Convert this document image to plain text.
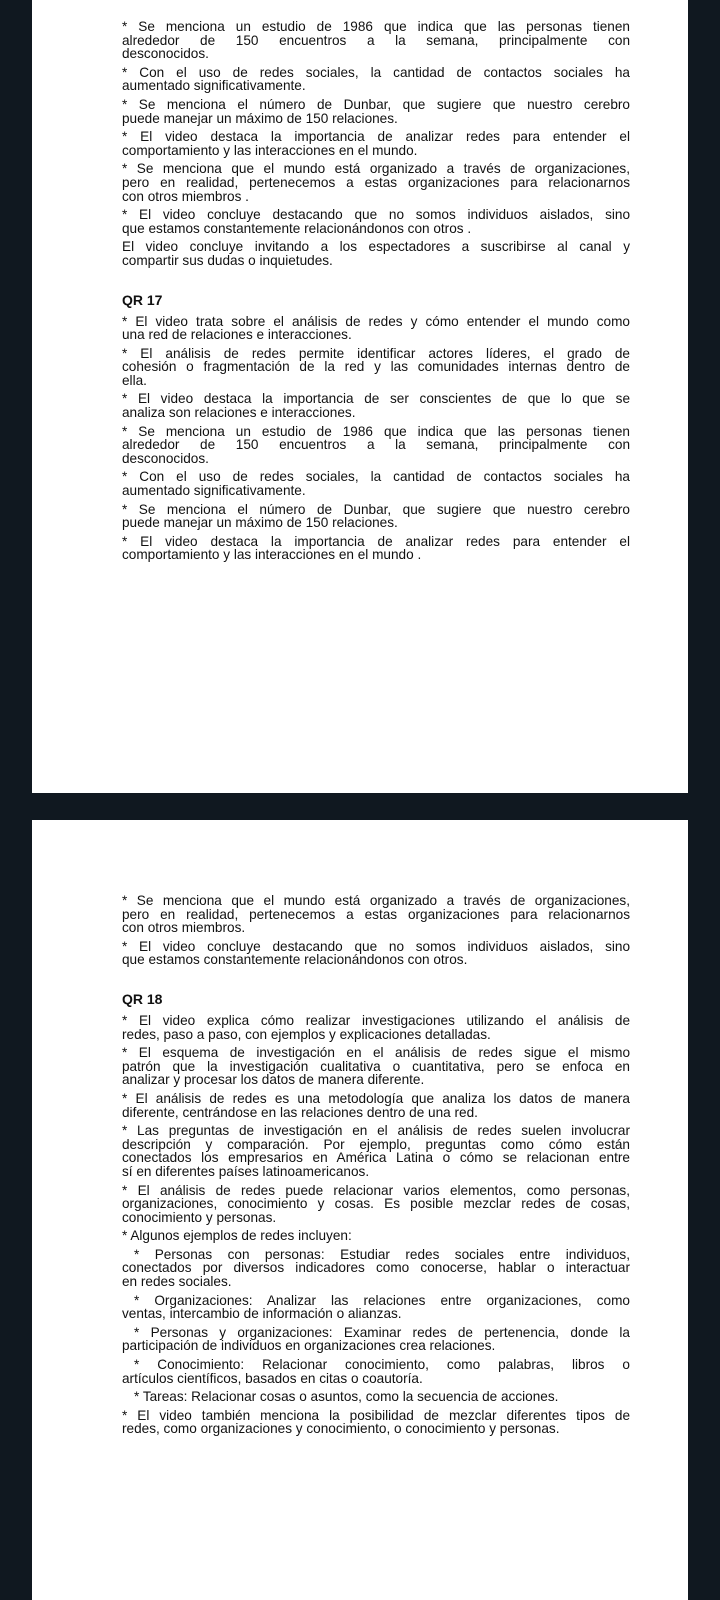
* Se menciona un estudio de 1986 que indica que las personas tienen
alrededor de 150 encuentros a la semana, principalmente con
desconocidos.
* Con el uso de redes sociales, la cantidad de contactos sociales ha
aumentado significativamente.
* Se menciona el número de Dunbar, que sugiere que nuestro cerebro
puede manejar un máximo de 150 relaciones.
* El video destaca la importancia de analizar redes para entender el
comportamiento y las interacciones en el mundo.
* Se menciona que el mundo está organizado a través de organizaciones,
pero en realidad, pertenecemos a estas organizaciones para relacionarnos
con otros miembros .
* El video concluye destacando que no somos individuos aislados, sino
que estamos constantemente relacionándonos con otros .
El video concluye invitando a los espectadores a suscribirse al canal y
compartir sus dudas o inquietudes.
QR 17
* El video trata sobre el análisis de redes y cómo entender el mundo como
una red de relaciones e interacciones.
* El análisis de redes permite identificar actores líderes, el grado de
cohesión o fragmentación de la red y las comunidades internas dentro de
ella.
* El video destaca la importancia de ser conscientes de que lo que se
analiza son relaciones e interacciones.
* Se menciona un estudio de 1986 que indica que las personas tienen
alrededor de 150 encuentros a la semana, principalmente con
desconocidos.
* Con el uso de redes sociales, la cantidad de contactos sociales ha
aumentado significativamente.
* Se menciona el número de Dunbar, que sugiere que nuestro cerebro
puede manejar un máximo de 150 relaciones.
* El video destaca la importancia de analizar redes para entender el
comportamiento y las interacciones en el mundo .
* Se menciona que el mundo está organizado a través de organizaciones,
pero en realidad, pertenecemos a estas organizaciones para relacionarnos
con otros miembros.
* El video concluye destacando que no somos individuos aislados, sino
que estamos constantemente relacionándonos con otros.
QR 18
* El video explica cómo realizar investigaciones utilizando el análisis de
redes, paso a paso, con ejemplos y explicaciones detalladas.
* El esquema de investigación en el análisis de redes sigue el mismo
patrón que la investigación cualitativa o cuantitativa, pero se enfoca en
analizar y procesar los datos de manera diferente.
* El análisis de redes es una metodología que analiza los datos de manera
diferente, centrándose en las relaciones dentro de una red.
* Las preguntas de investigación en el análisis de redes suelen involucrar
descripción y comparación. Por ejemplo, preguntas como cómo están
conectados los empresarios en América Latina o cómo se relacionan entre
sí en diferentes países latinoamericanos.
* El análisis de redes puede relacionar varios elementos, como personas,
organizaciones, conocimiento y cosas. Es posible mezclar redes de cosas,
conocimiento y personas.
* Algunos ejemplos de redes incluyen:
* Personas con personas: Estudiar redes sociales entre individuos,
conectados por diversos indicadores como conocerse, hablar o interactuar
en redes sociales.
* Organizaciones: Analizar las relaciones entre organizaciones, como
ventas, intercambio de información o alianzas.
* Personas y organizaciones: Examinar redes de pertenencia, donde la
participación de individuos en organizaciones crea relaciones.
* Conocimiento: Relacionar conocimiento, como palabras, libros o
artículos científicos, basados en citas o coautoría.
* Tareas: Relacionar cosas o asuntos, como la secuencia de acciones.
* El video también menciona la posibilidad de mezclar diferentes tipos de
redes, como organizaciones y conocimiento, o conocimiento y personas.
